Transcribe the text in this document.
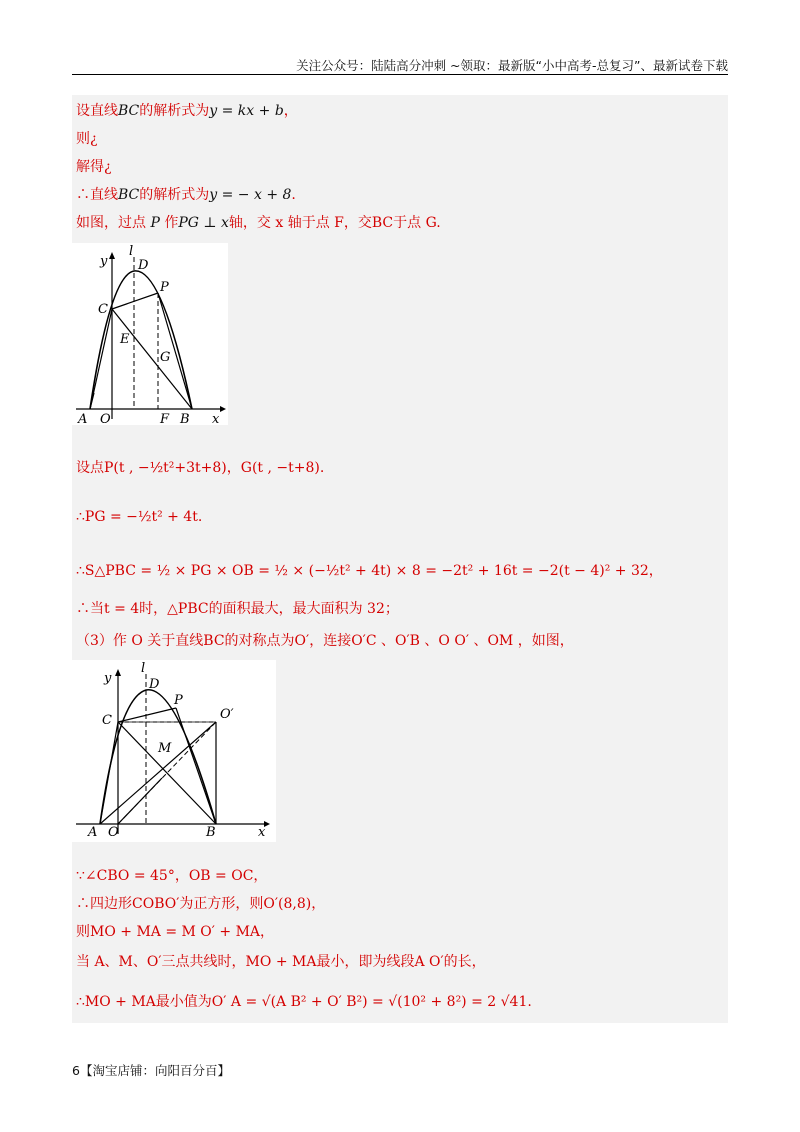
关注公众号：陆陆高分冲刺 ~领取：最新版“小中高考-总复习”、最新试卷下载
设直线BC的解析式为y = kx + b，
则¿
解得¿
∴直线BC的解析式为y = − x + 8.
如图，过点 P 作PG ⊥ x轴，交 x 轴于点 F，交BC于点 G.
y
l
D
P
C
E
G
A O	F B x
设点P(t , −½t²+3t+8)，G(t , −t+8).
∴PG = −½t² + 4t.
∴S△PBC = ½ × PG × OB = ½ × (−½t² + 4t) × 8 = −2t² + 16t = −2(t − 4)² + 32，
∴当t = 4时，△PBC的面积最大，最大面积为 32；
（3）作 O 关于直线BC的对称点为O′，连接O′C 、O′B 、O O′ 、OM ，如图，
y
l
D
P
C	O′
M
A O	B	x
∵∠CBO = 45°，OB = OC，
∴四边形COBO′为正方形，则O′(8,8)，
则MO + MA = M O′ + MA，
当 A、M、O′三点共线时，MO + MA最小，即为线段A O′的长，
∴MO + MA最小值为O′ A = √(A B² + O′ B²) = √(10² + 8²) = 2 √41.
6【淘宝店铺：向阳百分百】
